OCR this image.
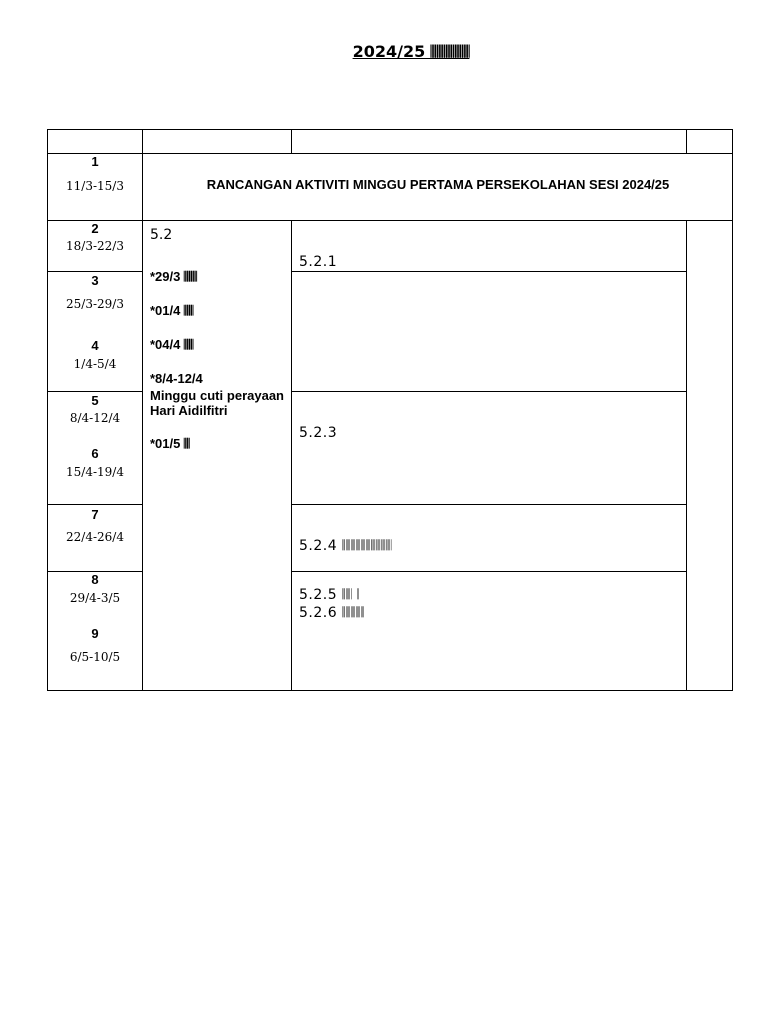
2024/25 𝄁𝄁𝄁𝄁𝄁𝄁𝄁𝄁𝄁𝄁𝄁𝄁𝄁𝄁𝄁𝄁𝄁
1
11/3-15/3
2
18/3-22/3
3
25/3-29/3
4
1/4-5/4
5
8/4-12/4
6
15/4-19/4
7
22/4-26/4
8
29/4-3/5
9
6/5-10/5
RANCANGAN AKTIVITI MINGGU PERTAMA PERSEKOLAHAN SESI 2024/25
5.2
*29/3 𝄁𝄁𝄁𝄁𝄁𝄁𝄁
*01/4 𝄁𝄁𝄁𝄁𝄁
*04/4 𝄁𝄁𝄁𝄁𝄁
*8/4-12/4
Minggu cuti perayaan Hari Aidilfitri
*01/5 𝄁𝄁𝄁
5.2.1
5.2.3
5.2.4 𝄁𝄁𝄁𝄁𝄁𝄁𝄁𝄁𝄁𝄁𝄁𝄁𝄁𝄁𝄁𝄁𝄁𝄁𝄁𝄁
5.2.5 𝄁𝄁𝄁𝄁 𝄁
5.2.6 𝄁𝄁𝄁𝄁𝄁𝄁𝄁𝄁𝄁
